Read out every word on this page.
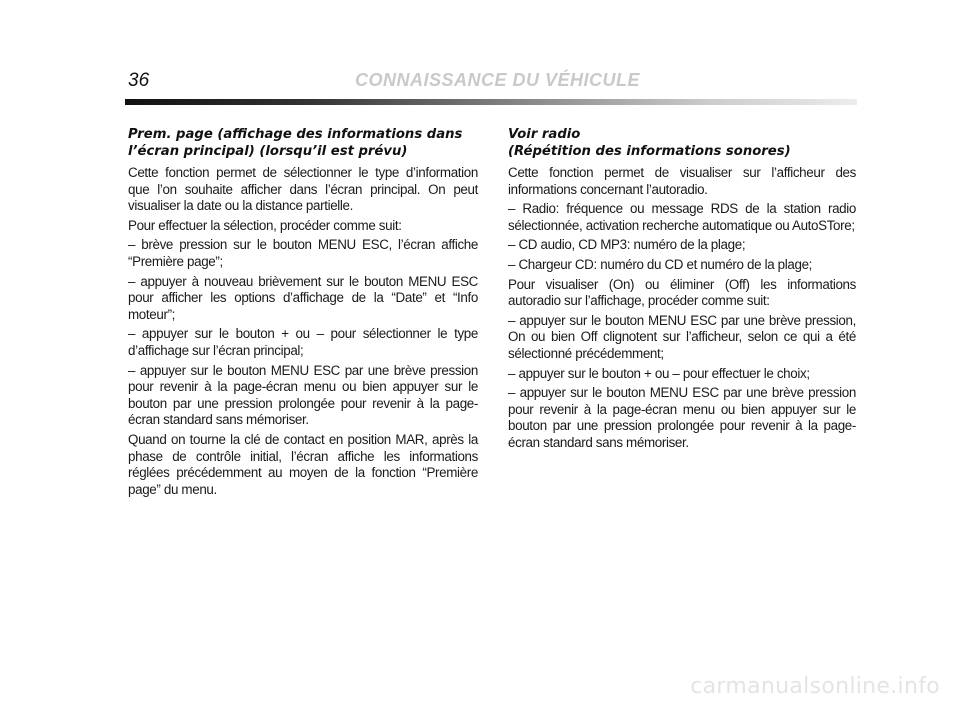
36	CONNAISSANCE DU VÉHICULE
Prem. page (affichage des informations dans
l’écran principal) (lorsqu’il est prévu)

Cette fonction permet de sélectionner le type d’information que l’on souhaite afficher dans l’écran principal. On peut visualiser la date ou la distance partielle.

Pour effectuer la sélection, procéder comme suit:

– brève pression sur le bouton MENU ESC, l’écran affiche “Première page”;

– appuyer à nouveau brièvement sur le bouton MENU ESC pour afficher les options d’affichage de la “Date” et “Info moteur”;

– appuyer sur le bouton + ou – pour sélectionner le type d’affichage sur l’écran principal;

– appuyer sur le bouton MENU ESC par une brève pression pour revenir à la page-écran menu ou bien appuyer sur le bouton par une pression prolongée pour revenir à la page-écran standard sans mémoriser.

Quand on tourne la clé de contact en position MAR, après la phase de contrôle initial, l’écran affiche les informations réglées précédemment au moyen de la fonction “Première page” du menu.

Voir radio
(Répétition des informations sonores)

Cette fonction permet de visualiser sur l’afficheur des informations concernant l’autoradio.

– Radio: fréquence ou message RDS de la station radio sélectionnée, activation recherche automatique ou AutoSTore;

– CD audio, CD MP3: numéro de la plage;

– Chargeur CD: numéro du CD et numéro de la plage;

Pour visualiser (On) ou éliminer (Off) les informations autoradio sur l’affichage, procéder comme suit:

– appuyer sur le bouton MENU ESC par une brève pression, On ou bien Off clignotent sur l’afficheur, selon ce qui a été sélectionné précédemment;

– appuyer sur le bouton + ou – pour effectuer le choix;

– appuyer sur le bouton MENU ESC par une brève pression pour revenir à la page-écran menu ou bien appuyer sur le bouton par une pression prolongée pour revenir à la page-écran standard sans mémoriser.

carmanualsonline.info
